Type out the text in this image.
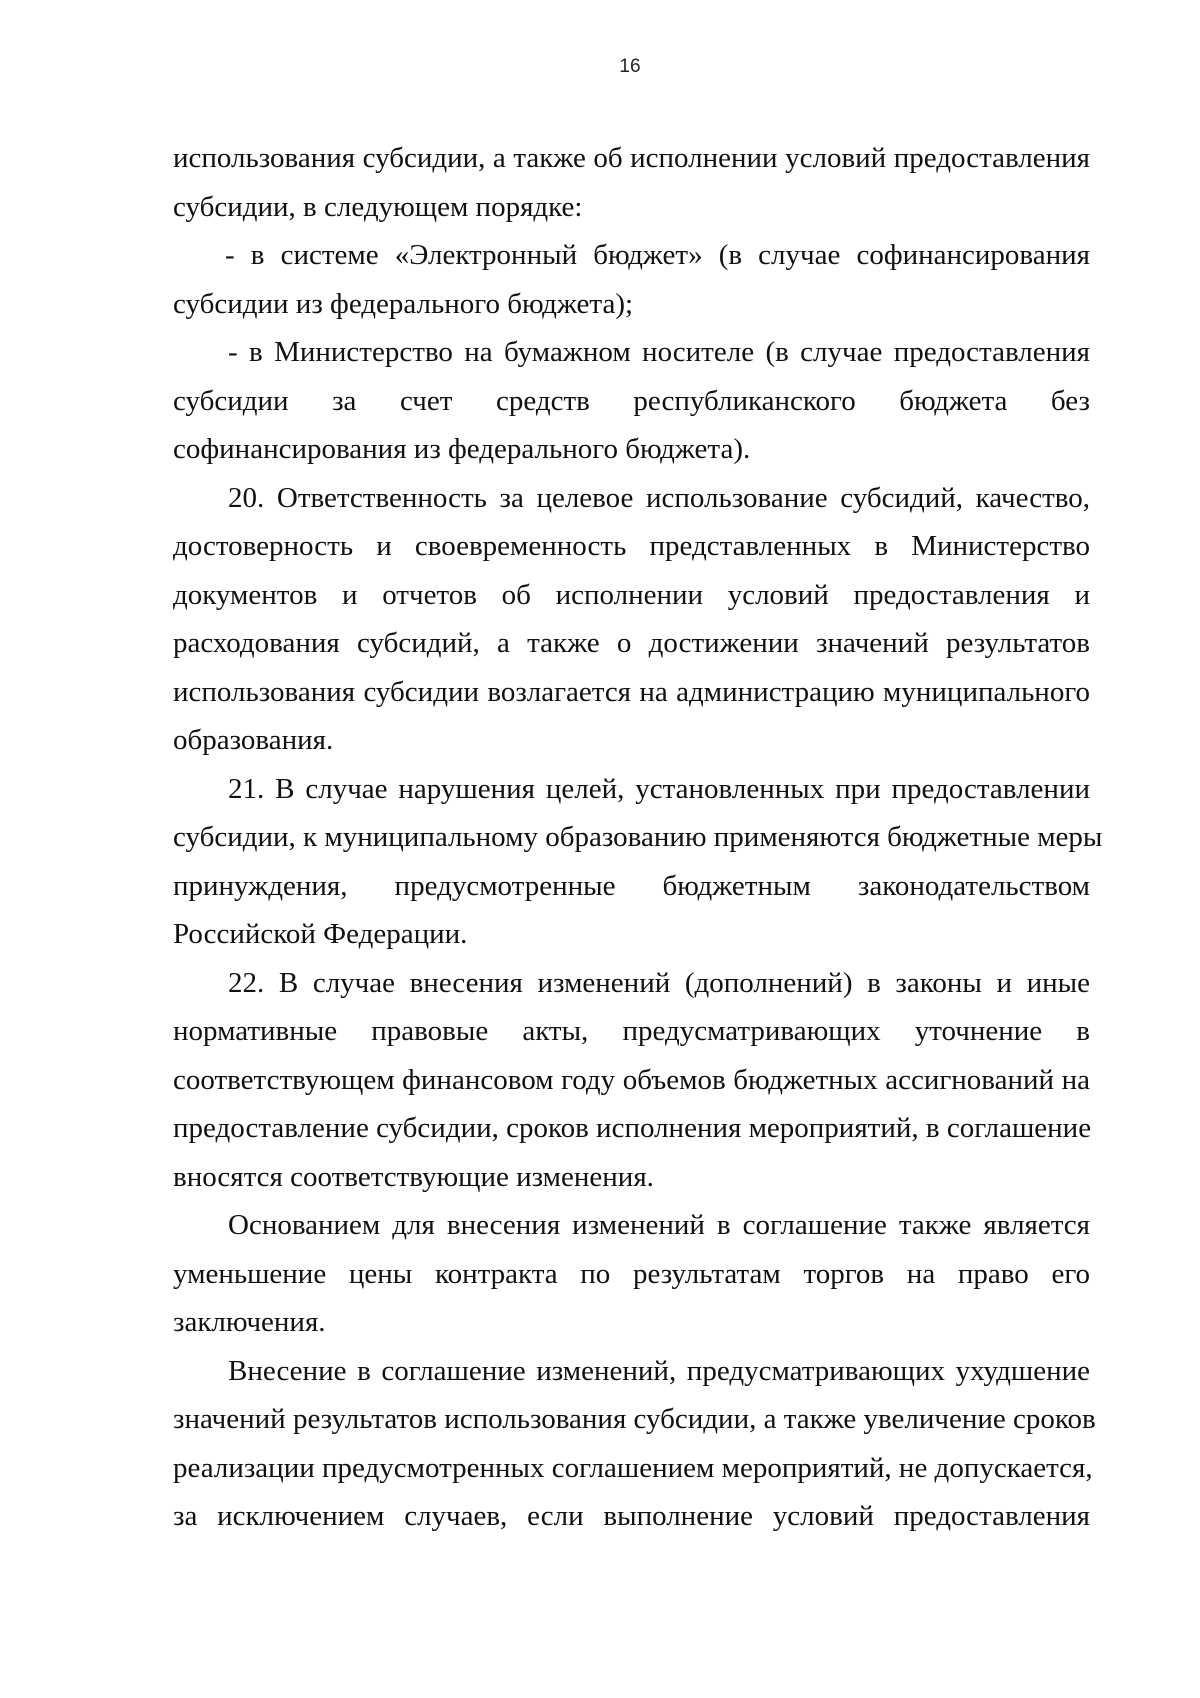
16
использования субсидии, а также об исполнении условий предоставления
субсидии, в следующем порядке:
- в системе «Электронный бюджет» (в случае софинансирования
субсидии из федерального бюджета);
- в Министерство на бумажном носителе (в случае предоставления
субсидии за счет средств республиканского бюджета без
софинансирования из федерального бюджета).
20. Ответственность за целевое использование субсидий, качество,
достоверность и своевременность представленных в Министерство
документов и отчетов об исполнении условий предоставления и
расходования субсидий, а также о достижении значений результатов
использования субсидии возлагается на администрацию муниципального
образования.
21. В случае нарушения целей, установленных при предоставлении
субсидии, к муниципальному образованию применяются бюджетные меры
принуждения, предусмотренные бюджетным законодательством
Российской Федерации.
22. В случае внесения изменений (дополнений) в законы и иные
нормативные правовые акты, предусматривающих уточнение в
соответствующем финансовом году объемов бюджетных ассигнований на
предоставление субсидии, сроков исполнения мероприятий, в соглашение
вносятся соответствующие изменения.
Основанием для внесения изменений в соглашение также является
уменьшение цены контракта по результатам торгов на право его
заключения.
Внесение в соглашение изменений, предусматривающих ухудшение
значений результатов использования субсидии, а также увеличение сроков
реализации предусмотренных соглашением мероприятий, не допускается,
за исключением случаев, если выполнение условий предоставления
